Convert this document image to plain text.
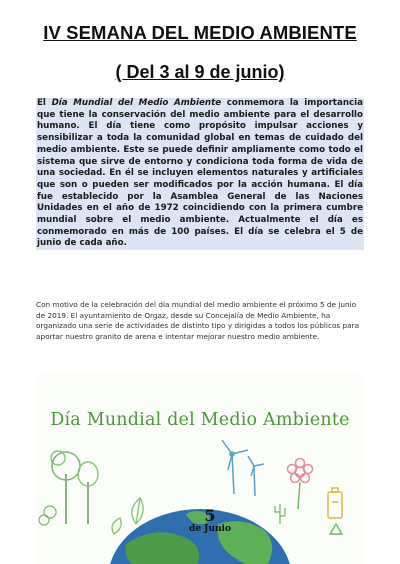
IV SEMANA DEL MEDIO AMBIENTE
( Del 3 al 9 de junio)

El Día Mundial del Medio Ambiente conmemora la importancia que tiene la conservación del medio ambiente para el desarrollo humano. El día tiene como propósito impulsar acciones y sensibilizar a toda la comunidad global en temas de cuidado del medio ambiente. Este se puede definir ampliamente como todo el sistema que sirve de entorno y condiciona toda forma de vida de una sociedad. En él se incluyen elementos naturales y artificiales que son o pueden ser modificados por la acción humana. El día fue establecido por la Asamblea General de las Naciones Unidades en el año de 1972 coincidiendo con la primera cumbre mundial sobre el medio ambiente. Actualmente el día es conmemorado en más de 100 países. El día se celebra el 5 de junio de cada año.

Con motivo de la celebración del día mundial del medio ambiente el próximo 5 de junio de 2019. El ayuntamiento de Orgaz, desde su Concejalía de Medio Ambiente, ha organizado una serie de actividades de distinto tipo y dirigidas a todos los públicos para aportar nuestro granito de arena e intentar mejorar nuestro medio ambiente.

Día Mundial del Medio Ambiente
5
de Junio
